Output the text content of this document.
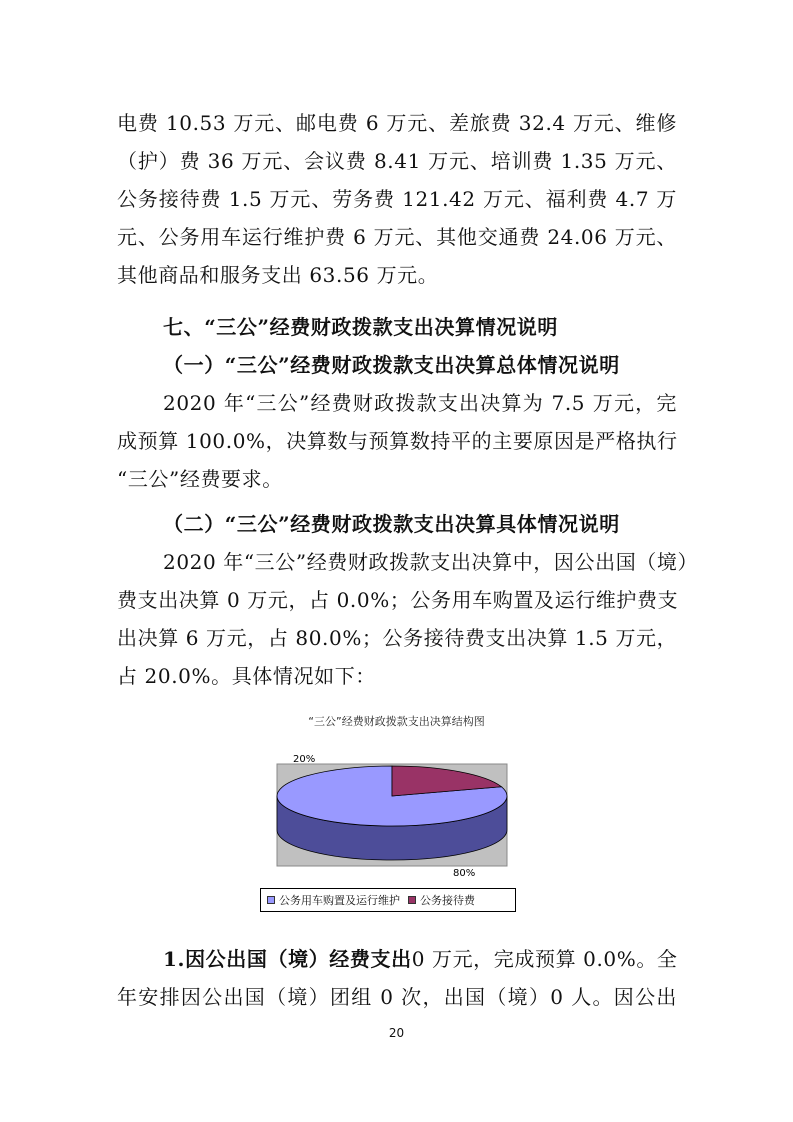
电费 10.53 万元、邮电费 6 万元、差旅费 32.4 万元、维修
（护）费 36 万元、会议费 8.41 万元、培训费 1.35 万元、
公务接待费 1.5 万元、劳务费 121.42 万元、福利费 4.7 万
元、公务用车运行维护费 6 万元、其他交通费 24.06 万元、
其他商品和服务支出 63.56 万元。
七、“三公”经费财政拨款支出决算情况说明
（一）“三公”经费财政拨款支出决算总体情况说明
2020 年“三公”经费财政拨款支出决算为 7.5 万元，完
成预算 100.0%，决算数与预算数持平的主要原因是严格执行
“三公”经费要求。
（二）“三公”经费财政拨款支出决算具体情况说明
2020 年“三公”经费财政拨款支出决算中，因公出国（境）
费支出决算 0 万元，占 0.0%；公务用车购置及运行维护费支
出决算 6 万元，占 80.0%；公务接待费支出决算 1.5 万元，
占 20.0%。具体情况如下：
“三公”经费财政拨款支出决算结构图
80%
20%
公务用车购置及运行维护 公务接待费
1.因公出国（境）经费支出0 万元，完成预算 0.0%。全
年安排因公出国（境）团组 0 次，出国（境）0 人。因公出
20
